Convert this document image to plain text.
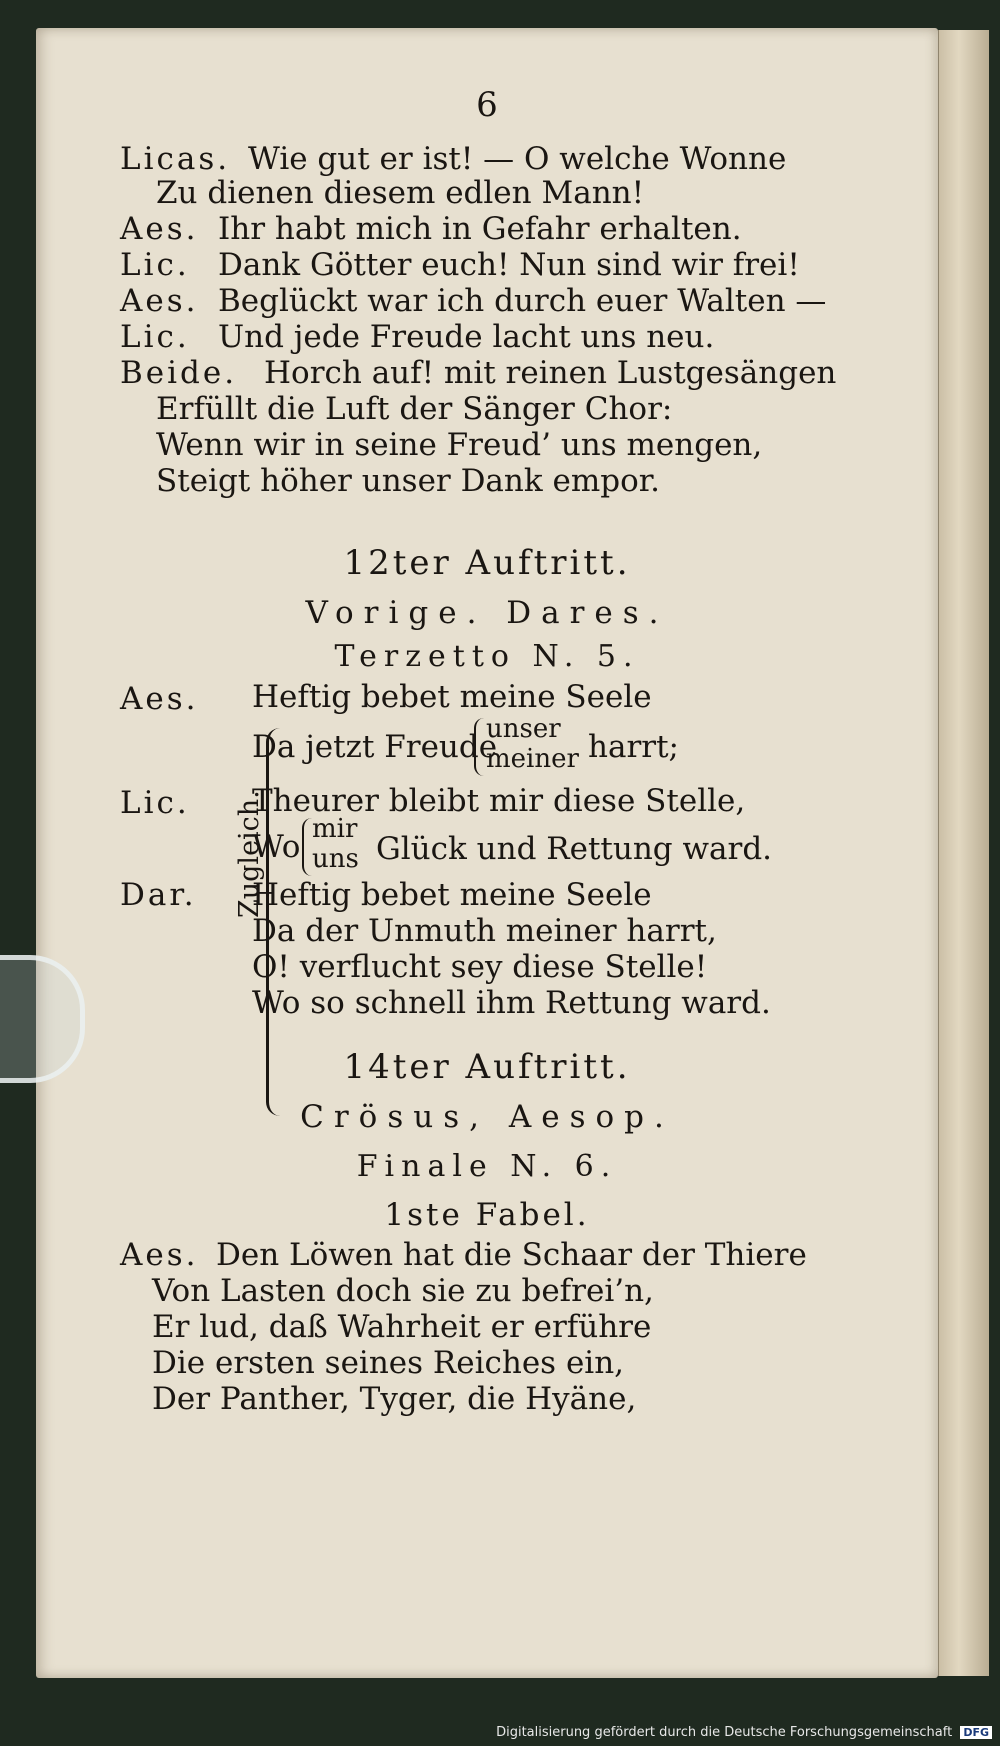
6
Licas. Wie gut er ist! — O welche Wonne
Zu dienen diesem edlen Mann!
Aes. Ihr habt mich in Gefahr erhalten.
Lic. Dank Götter euch! Nun sind wir frei!
Aes. Beglückt war ich durch euer Walten —
Lic. Und jede Freude lacht uns neu.
Beide. Horch auf! mit reinen Lustgesängen
Erfüllt die Luft der Sänger Chor:
Wenn wir in seine Freud’ uns mengen,
Steigt höher unser Dank empor.
12ter Auftritt.
Vorige. Dares.
Terzetto N. 5.
Aes.
Lic.
Dar. Zugleich.
Heftig bebet meine Seele
Da jetzt Freude
unser
meiner harrt;
Theurer bleibt mir diese Stelle,
Wo mir
uns Glück und Rettung ward.
Heftig bebet meine Seele
Da der Unmuth meiner harrt,
O! verflucht sey diese Stelle!
Wo so schnell ihm Rettung ward.
14ter Auftritt.
Crösus, Aesop.
Finale N. 6.
1ste Fabel.
Aes. Den Löwen hat die Schaar der Thiere
Von Lasten doch sie zu befrei’n,
Er lud, daß Wahrheit er erführe
Die ersten seines Reiches ein,
Der Panther, Tyger, die Hyäne,
Digitalisierung gefördert durch die Deutsche Forschungsgemeinschaft DFG
